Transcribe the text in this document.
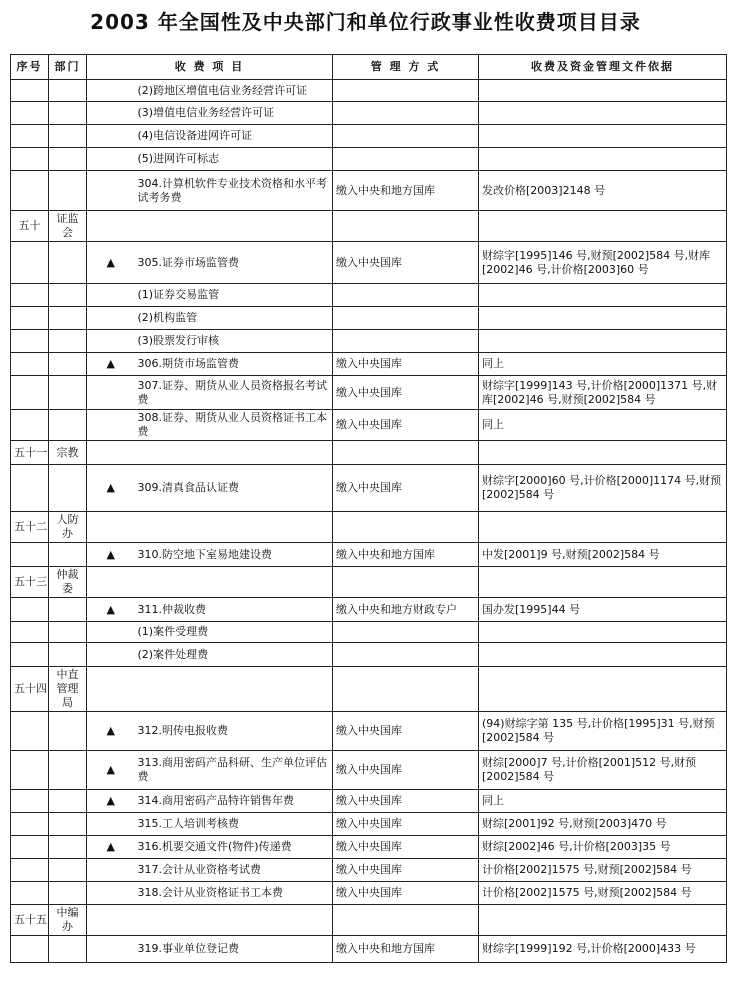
2003 年全国性及中央部门和单位行政事业性收费项目目录
序号	部门	收 费 项 目		管 理 方 式	收费及资金管理文件依据
			(2)跨地区增值电信业务经营许可证		
			(3)增值电信业务经营许可证		
			(4)电信设备进网许可证		
			(5)进网许可标志		
			304.计算机软件专业技术资格和水平考试考务费	缴入中央和地方国库	发改价格[2003]2148 号
五十	证监会				
		▲	305.证券市场监管费	缴入中央国库	财综字[1995]146 号,财预[2002]584 号,财库[2002]46 号,计价格[2003]60 号
			(1)证券交易监管		
			(2)机构监管		
			(3)股票发行审核		
		▲	306.期货市场监管费	缴入中央国库	同上
			307.证券、期货从业人员资格报名考试费	缴入中央国库	财综字[1999]143 号,计价格[2000]1371 号,财库[2002]46 号,财预[2002]584 号
			308.证券、期货从业人员资格证书工本费	缴入中央国库	同上
五十一	宗教				
		▲	309.清真食品认证费	缴入中央国库	财综字[2000]60 号,计价格[2000]1174 号,财预[2002]584 号
五十二	人防办				
		▲	310.防空地下室易地建设费	缴入中央和地方国库	中发[2001]9 号,财预[2002]584 号
五十三	仲裁委				
		▲	311.仲裁收费	缴入中央和地方财政专户	国办发[1995]44 号
			(1)案件受理费		
			(2)案件处理费		
五十四	中直管理局				
		▲	312.明传电报收费	缴入中央国库	(94)财综字第 135 号,计价格[1995]31 号,财预[2002]584 号
		▲	313.商用密码产品科研、生产单位评估费	缴入中央国库	财综[2000]7 号,计价格[2001]512 号,财预[2002]584 号
		▲	314.商用密码产品特许销售年费	缴入中央国库	同上
			315.工人培训考核费	缴入中央国库	财综[2001]92 号,财预[2003]470 号
		▲	316.机要交通文件(物件)传递费	缴入中央国库	财综[2002]46 号,计价格[2003]35 号
			317.会计从业资格考试费	缴入中央国库	计价格[2002]1575 号,财预[2002]584 号
			318.会计从业资格证书工本费	缴入中央国库	计价格[2002]1575 号,财预[2002]584 号
五十五	中编办				
			319.事业单位登记费	缴入中央和地方国库	财综字[1999]192 号,计价格[2000]433 号
